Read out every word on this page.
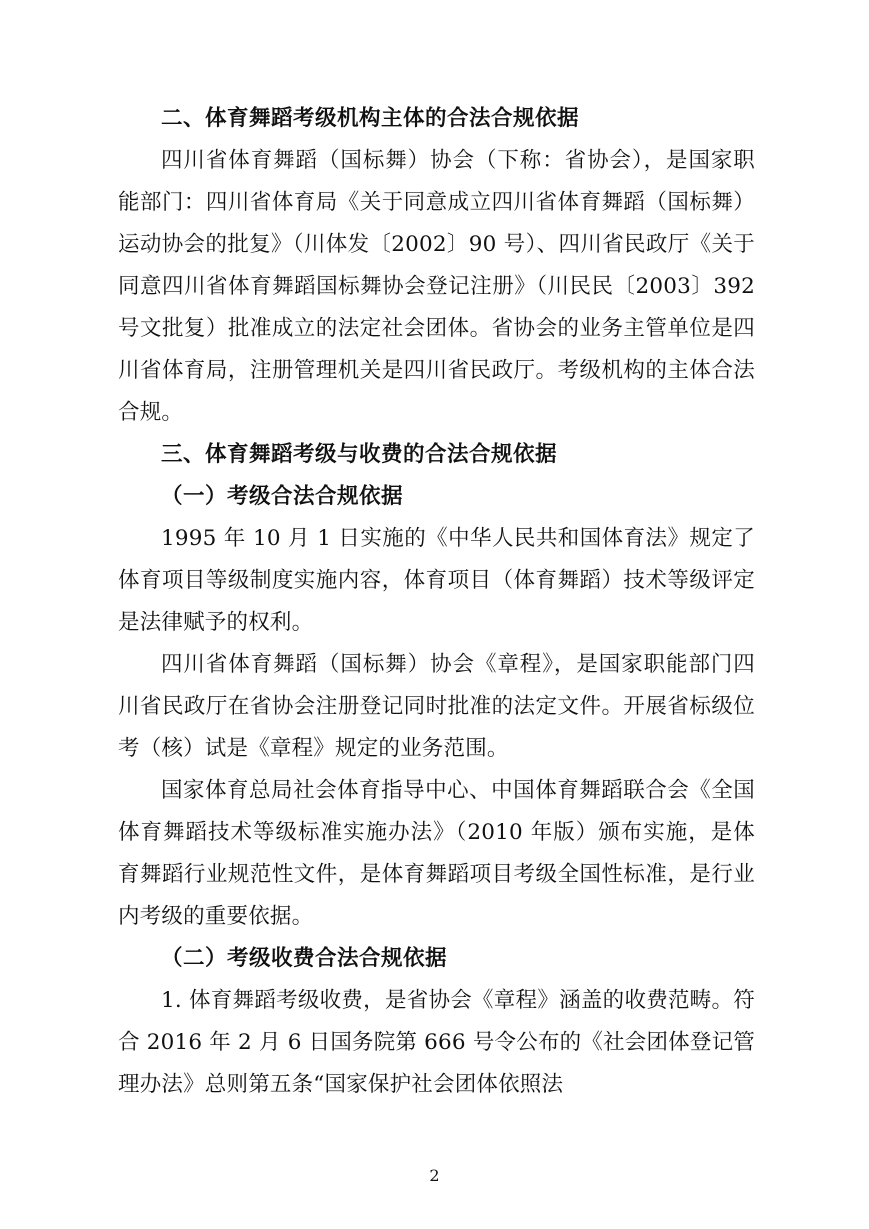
二、体育舞蹈考级机构主体的合法合规依据

四川省体育舞蹈（国标舞）协会（下称：省协会），是国家职能部门：四川省体育局《关于同意成立四川省体育舞蹈（国标舞）运动协会的批复》（川体发〔2002〕90 号）、四川省民政厅《关于同意四川省体育舞蹈国标舞协会登记注册》（川民民〔2003〕392 号文批复）批准成立的法定社会团体。省协会的业务主管单位是四川省体育局，注册管理机关是四川省民政厅。考级机构的主体合法合规。

三、体育舞蹈考级与收费的合法合规依据

（一）考级合法合规依据

1995 年 10 月 1 日实施的《中华人民共和国体育法》规定了体育项目等级制度实施内容，体育项目（体育舞蹈）技术等级评定是法律赋予的权利。

四川省体育舞蹈（国标舞）协会《章程》，是国家职能部门四川省民政厅在省协会注册登记同时批准的法定文件。开展省标级位考（核）试是《章程》规定的业务范围。

国家体育总局社会体育指导中心、中国体育舞蹈联合会《全国体育舞蹈技术等级标准实施办法》（2010 年版）颁布实施，是体育舞蹈行业规范性文件，是体育舞蹈项目考级全国性标准，是行业内考级的重要依据。

（二）考级收费合法合规依据

1. 体育舞蹈考级收费，是省协会《章程》涵盖的收费范畴。符合 2016 年 2 月 6 日国务院第 666 号令公布的《社会团体登记管理办法》总则第五条“国家保护社会团体依照法

2
